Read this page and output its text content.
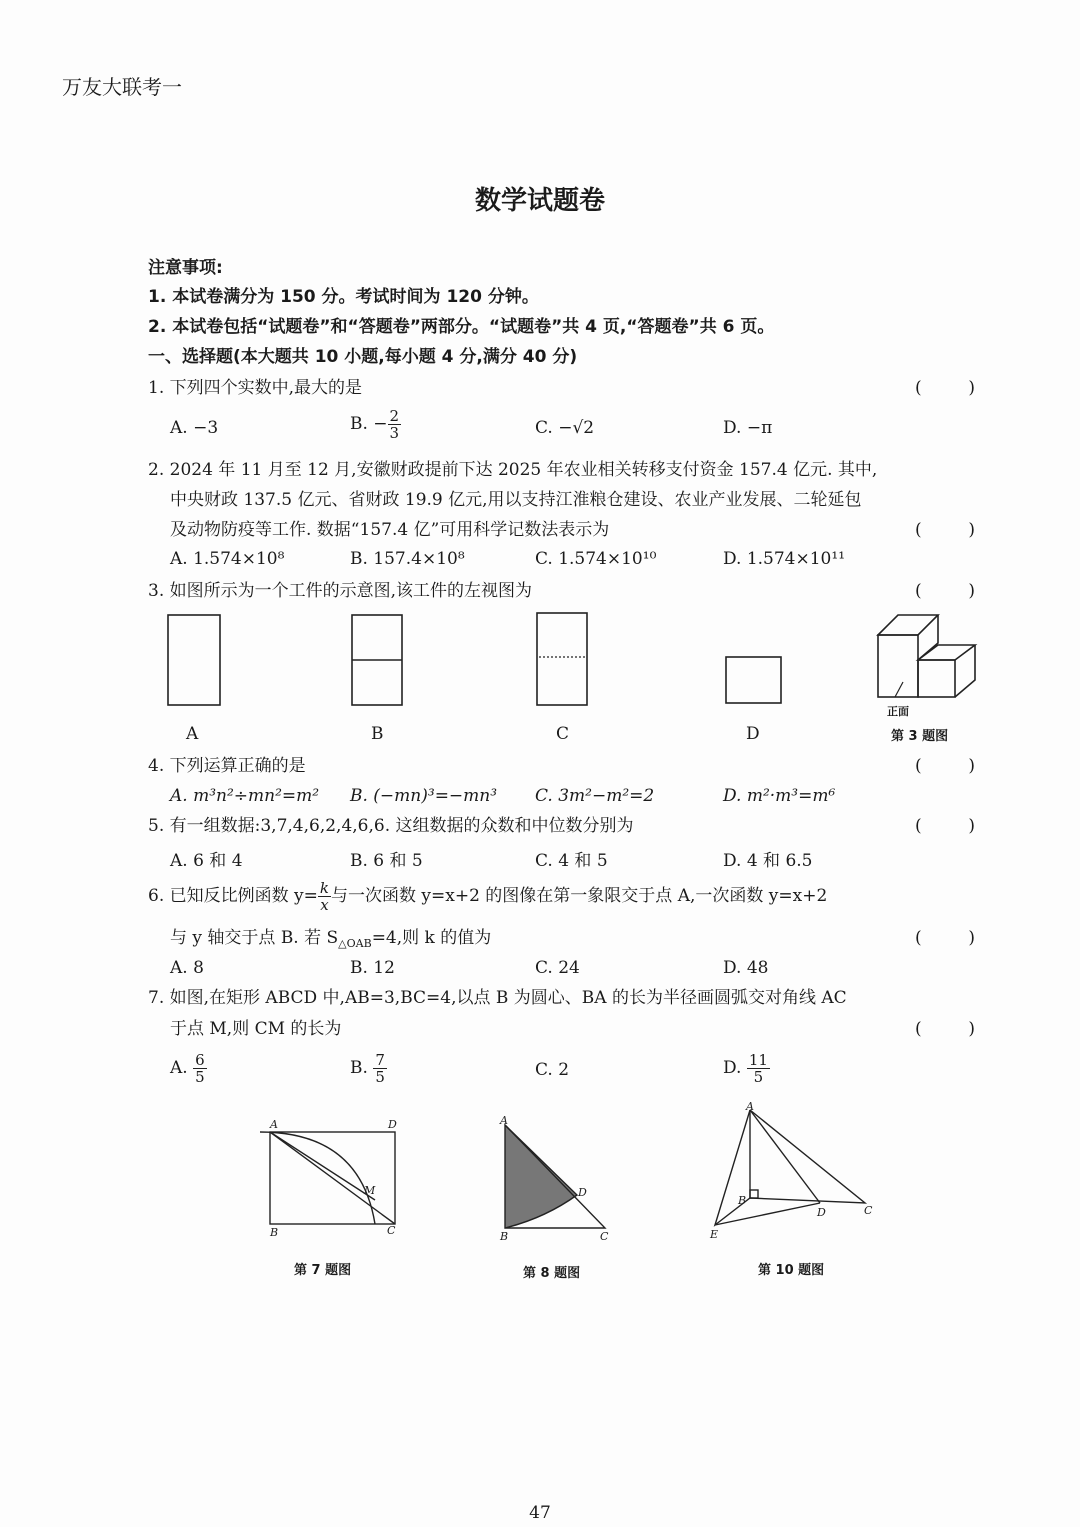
万友大联考一
数学试题卷
注意事项:
1. 本试卷满分为 150 分。考试时间为 120 分钟。
2. 本试卷包括“试题卷”和“答题卷”两部分。“试题卷”共 4 页,“答题卷”共 6 页。
一、选择题(本大题共 10 小题,每小题 4 分,满分 40 分)
1. 下列四个实数中,最大的是	(	)
A. −3	B. − $\frac{2}{3}$	C. −√2	D. −π
2. 2024 年 11 月至 12 月,安徽财政提前下达 2025 年农业相关转移支付资金 157.4 亿元. 其中,
中央财政 137.5 亿元、省财政 19.9 亿元,用以支持江淮粮仓建设、农业产业发展、二轮延包
及动物防疫等工作. 数据“157.4 亿”可用科学记数法表示为	(	)
A. 1.574×10⁸	B. 157.4×10⁸	C. 1.574×10¹⁰	D. 1.574×10¹¹
3. 如图所示为一个工件的示意图,该工件的左视图为	(	)
A	B	C	D
正面
第 3 题图
4. 下列运算正确的是	(	)
A. m³n²÷mn²=m² B. (−mn)³=−mn³ C. 3m²−m²=2	D. m²·m³=m⁶
5. 有一组数据:3,7,4,6,2,4,6,6. 这组数据的众数和中位数分别为	(	)
A. 6 和 4	B. 6 和 5	C. 4 和 5	D. 4 和 6.5
6. 已知反比例函数 $y= \frac{k}{x}$ 与一次函数 y=x+2 的图像在第一象限交于点 A,一次函数 y=x+2
与 y 轴交于点 B. 若 $S_{\triangle OAB}=4$,则 k 的值为	(	)
A. 8	B. 12	C. 24	D. 48
7. 如图,在矩形 ABCD 中,AB=3,BC=4,以点 B 为圆心、BA 的长为半径画圆弧交对角线 AC
于点 M,则 CM 的长为	(	)
A. $\frac{6}{5}$	B. $\frac{7}{5}$	C. 2	D. $\frac{11}{5}$
A	D
M
B	C
A
D
B	C
A
B
D	C
E
第 7 题图	第 8 题图	第 10 题图
47
